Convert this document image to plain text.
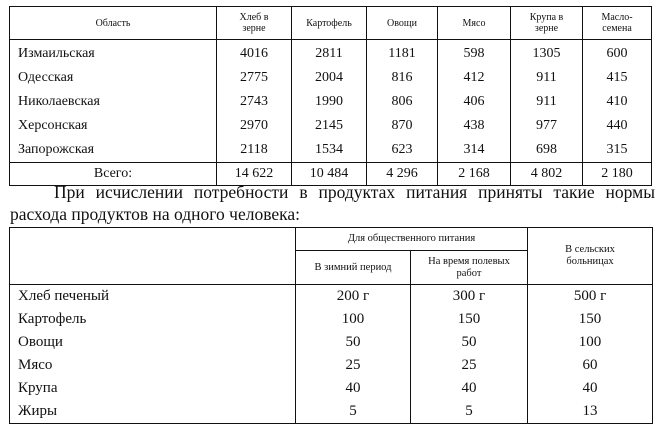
Область	Хлеб в зерне	Картофель	Овощи	Мясо	Крупа в зерне	Масло-семена

Измаильская	4016	2811	1181	598	1305	600
Одесская	2775	2004	816	412	911	415
Николаевская	2743	1990	806	406	911	410
Херсонская	2970	2145	870	438	977	440
Запорожская	2118	1534	623	314	698	315
Всего:	14 622	10 484	4 296	2 168	4 802	2 180

При исчислении потребности в продуктах питания приняты такие нормы расхода продуктов на одного человека:

	Для общественного питания		В сельских больницах

	В зимний период	На время полевых работ	

Хлеб печеный	200 г	300 г	500 г
Картофель	100	150	150
Овощи	50	50	100
Мясо	25	25	60
Крупа	40	40	40
Жиры	5	5	13
